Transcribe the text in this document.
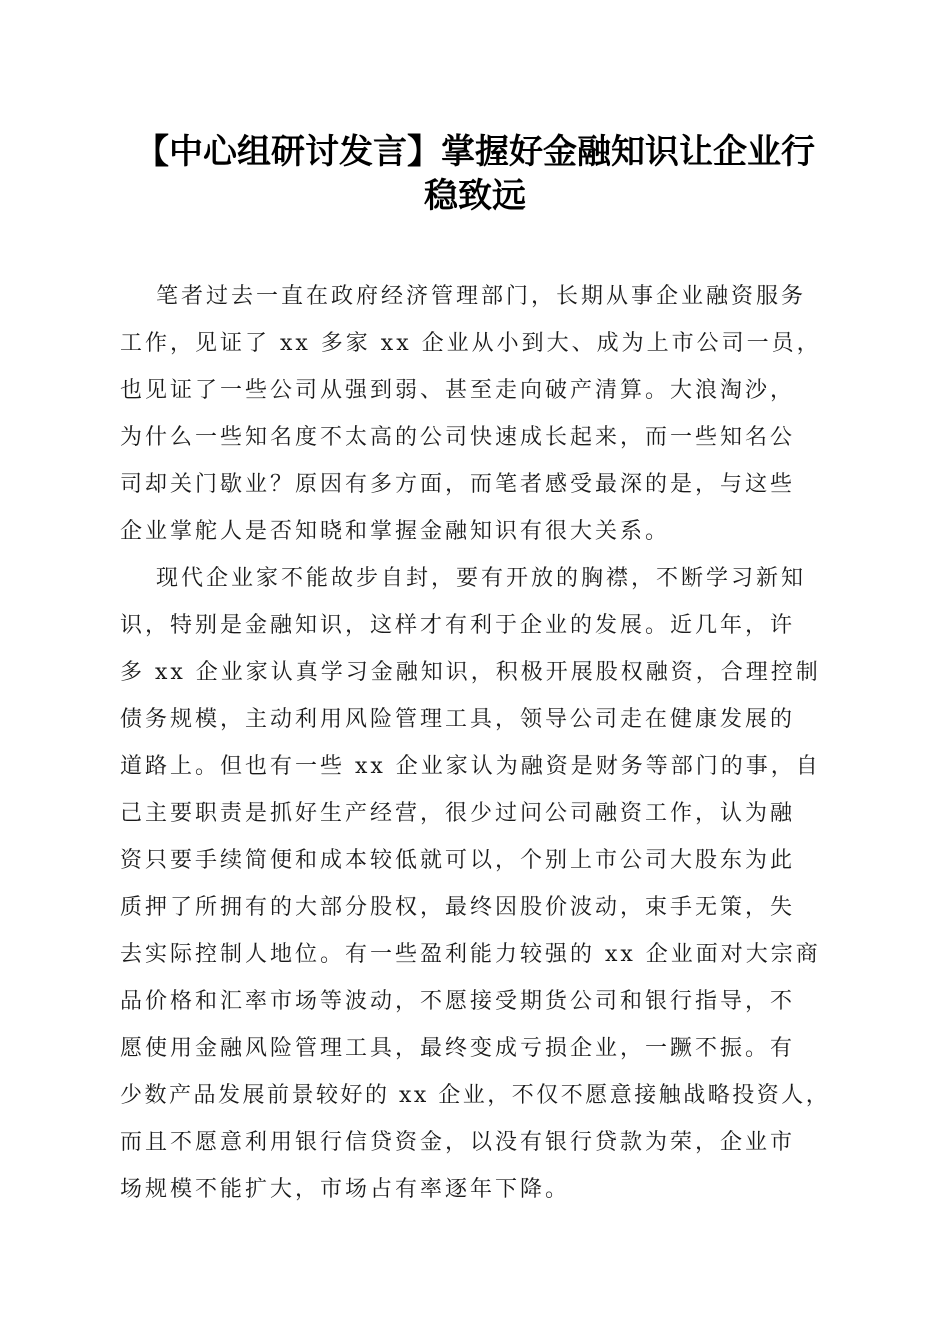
【中心组研讨发言】掌握好金融知识让企业行
稳致远
笔者过去一直在政府经济管理部门，长期从事企业融资服务
工作，见证了 xx 多家 xx 企业从小到大、成为上市公司一员，
也见证了一些公司从强到弱、甚至走向破产清算。大浪淘沙，
为什么一些知名度不太高的公司快速成长起来，而一些知名公
司却关门歇业？原因有多方面，而笔者感受最深的是，与这些
企业掌舵人是否知晓和掌握金融知识有很大关系。
现代企业家不能故步自封，要有开放的胸襟，不断学习新知
识，特别是金融知识，这样才有利于企业的发展。近几年，许
多 xx 企业家认真学习金融知识，积极开展股权融资，合理控制
债务规模，主动利用风险管理工具，领导公司走在健康发展的
道路上。但也有一些 xx 企业家认为融资是财务等部门的事，自
己主要职责是抓好生产经营，很少过问公司融资工作，认为融
资只要手续简便和成本较低就可以，个别上市公司大股东为此
质押了所拥有的大部分股权，最终因股价波动，束手无策，失
去实际控制人地位。有一些盈利能力较强的 xx 企业面对大宗商
品价格和汇率市场等波动，不愿接受期货公司和银行指导，不
愿使用金融风险管理工具，最终变成亏损企业，一蹶不振。有
少数产品发展前景较好的 xx 企业，不仅不愿意接触战略投资人，
而且不愿意利用银行信贷资金，以没有银行贷款为荣，企业市
场规模不能扩大，市场占有率逐年下降。
